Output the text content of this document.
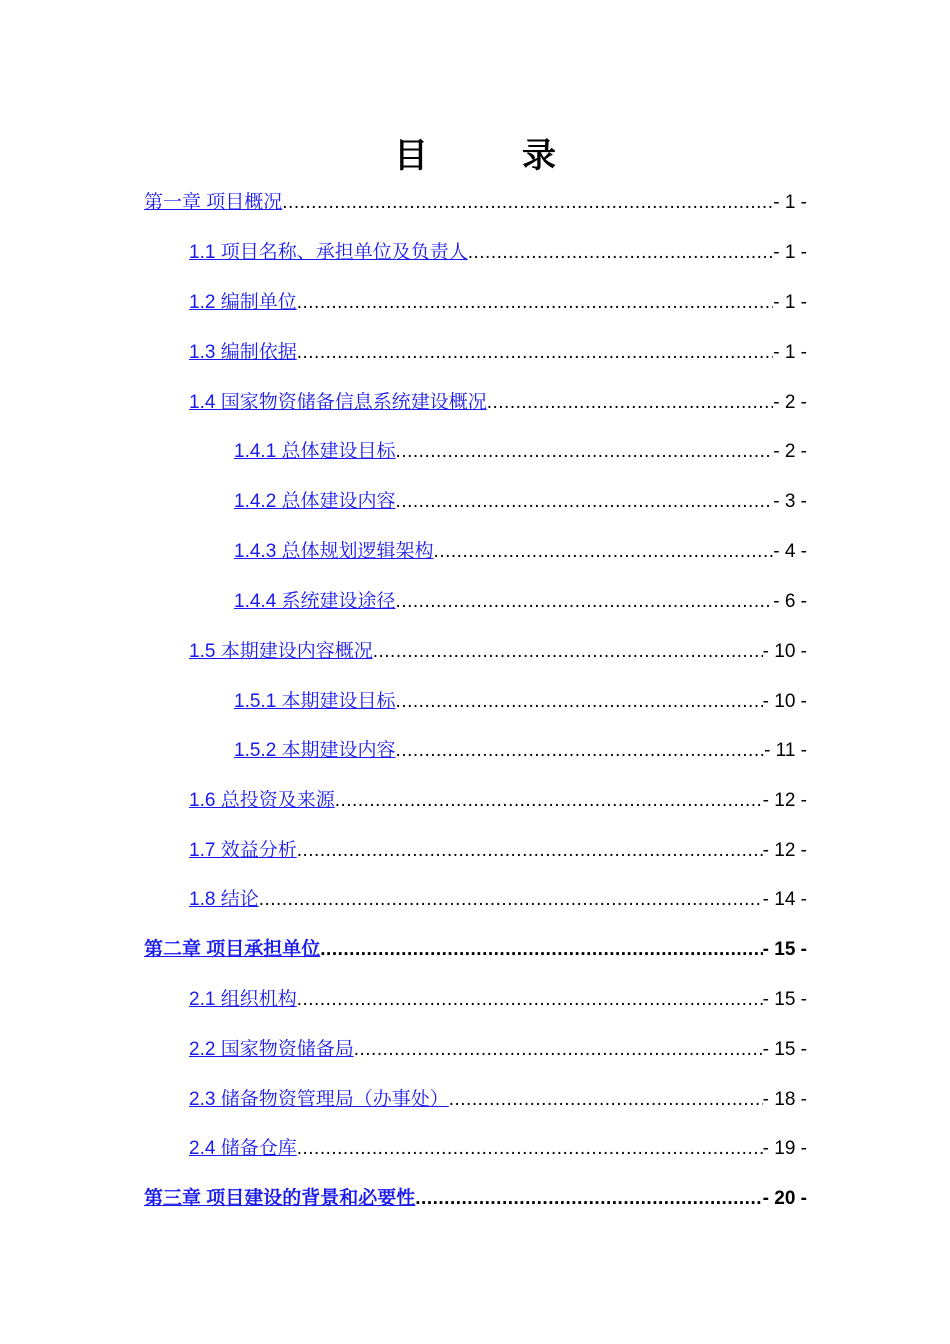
目　录
第一章 项目概况 .....	- 1 -
1.1 项目名称、承担单位及负责人 .....	- 1 -
1.2 编制单位 .....	- 1 -
1.3 编制依据 .....	- 1 -
1.4 国家物资储备信息系统建设概况 .....	- 2 -
1.4.1 总体建设目标 .....	- 2 -
1.4.2 总体建设内容 .....	- 3 -
1.4.3 总体规划逻辑架构 .....	- 4 -
1.4.4 系统建设途径 .....	- 6 -
1.5 本期建设内容概况 .....	- 10 -
1.5.1 本期建设目标 .....	- 10 -
1.5.2 本期建设内容 .....	- 11 -
1.6 总投资及来源 .....	- 12 -
1.7 效益分析 .....	- 12 -
1.8 结论 .....	- 14 -
第二章 项目承担单位 .....	- 15 -
2.1 组织机构 .....	- 15 -
2.2 国家物资储备局 .....	- 15 -
2.3 储备物资管理局（办事处） .....	- 18 -
2.4 储备仓库 .....	- 19 -
第三章 项目建设的背景和必要性 .....	- 20 -
